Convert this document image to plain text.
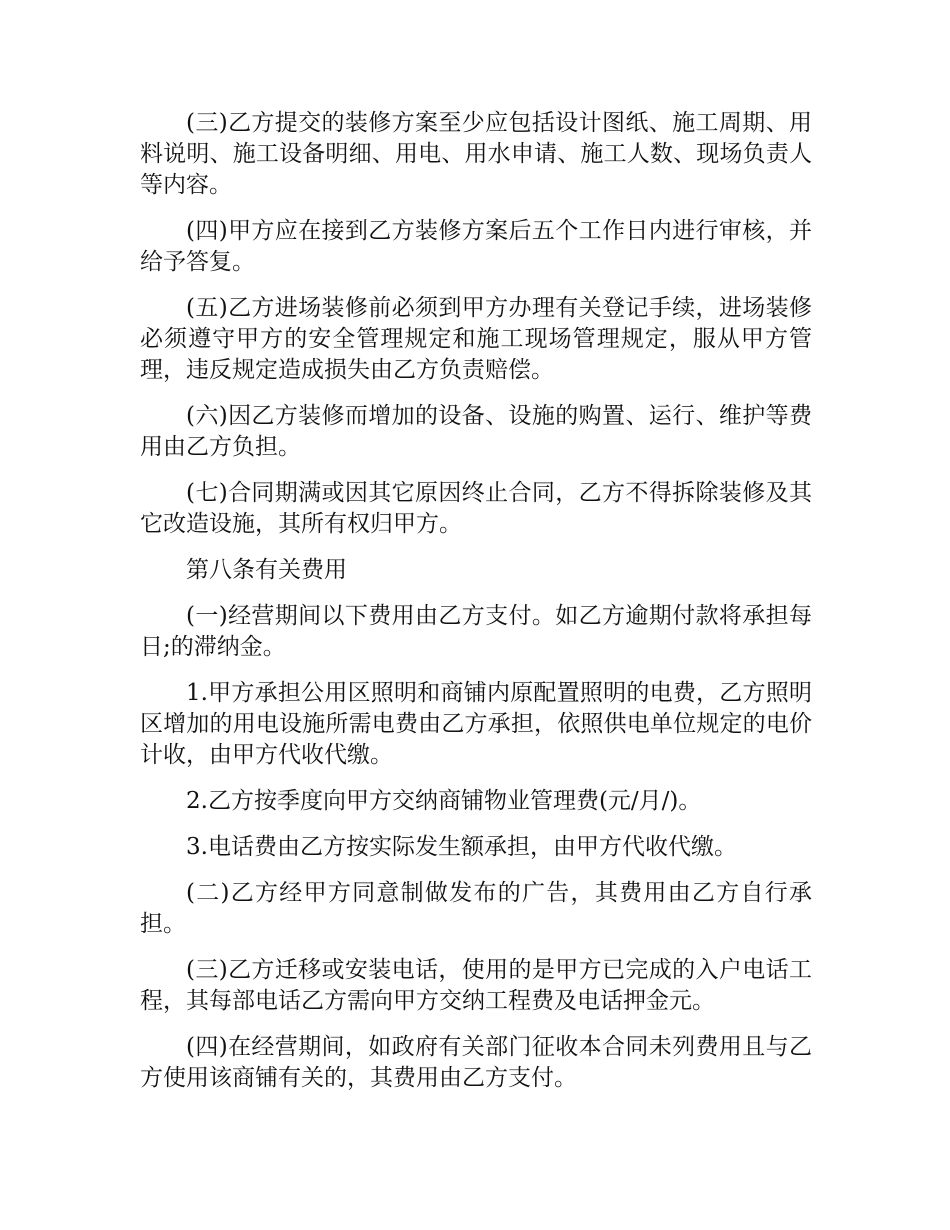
(三)乙方提交的装修方案至少应包括设计图纸、施工周期、用料说明、施工设备明细、用电、用水申请、施工人数、现场负责人等内容。

(四)甲方应在接到乙方装修方案后五个工作日内进行审核，并给予答复。

(五)乙方进场装修前必须到甲方办理有关登记手续，进场装修必须遵守甲方的安全管理规定和施工现场管理规定，服从甲方管理，违反规定造成损失由乙方负责赔偿。

(六)因乙方装修而增加的设备、设施的购置、运行、维护等费用由乙方负担。

(七)合同期满或因其它原因终止合同，乙方不得拆除装修及其它改造设施，其所有权归甲方。

第八条有关费用

(一)经营期间以下费用由乙方支付。如乙方逾期付款将承担每日;的滞纳金。

1.甲方承担公用区照明和商铺内原配置照明的电费，乙方照明区增加的用电设施所需电费由乙方承担，依照供电单位规定的电价计收，由甲方代收代缴。

2.乙方按季度向甲方交纳商铺物业管理费(元/月/)。

3.电话费由乙方按实际发生额承担，由甲方代收代缴。

(二)乙方经甲方同意制做发布的广告，其费用由乙方自行承担。

(三)乙方迁移或安装电话，使用的是甲方已完成的入户电话工程，其每部电话乙方需向甲方交纳工程费及电话押金元。

(四)在经营期间，如政府有关部门征收本合同未列费用且与乙方使用该商铺有关的，其费用由乙方支付。
